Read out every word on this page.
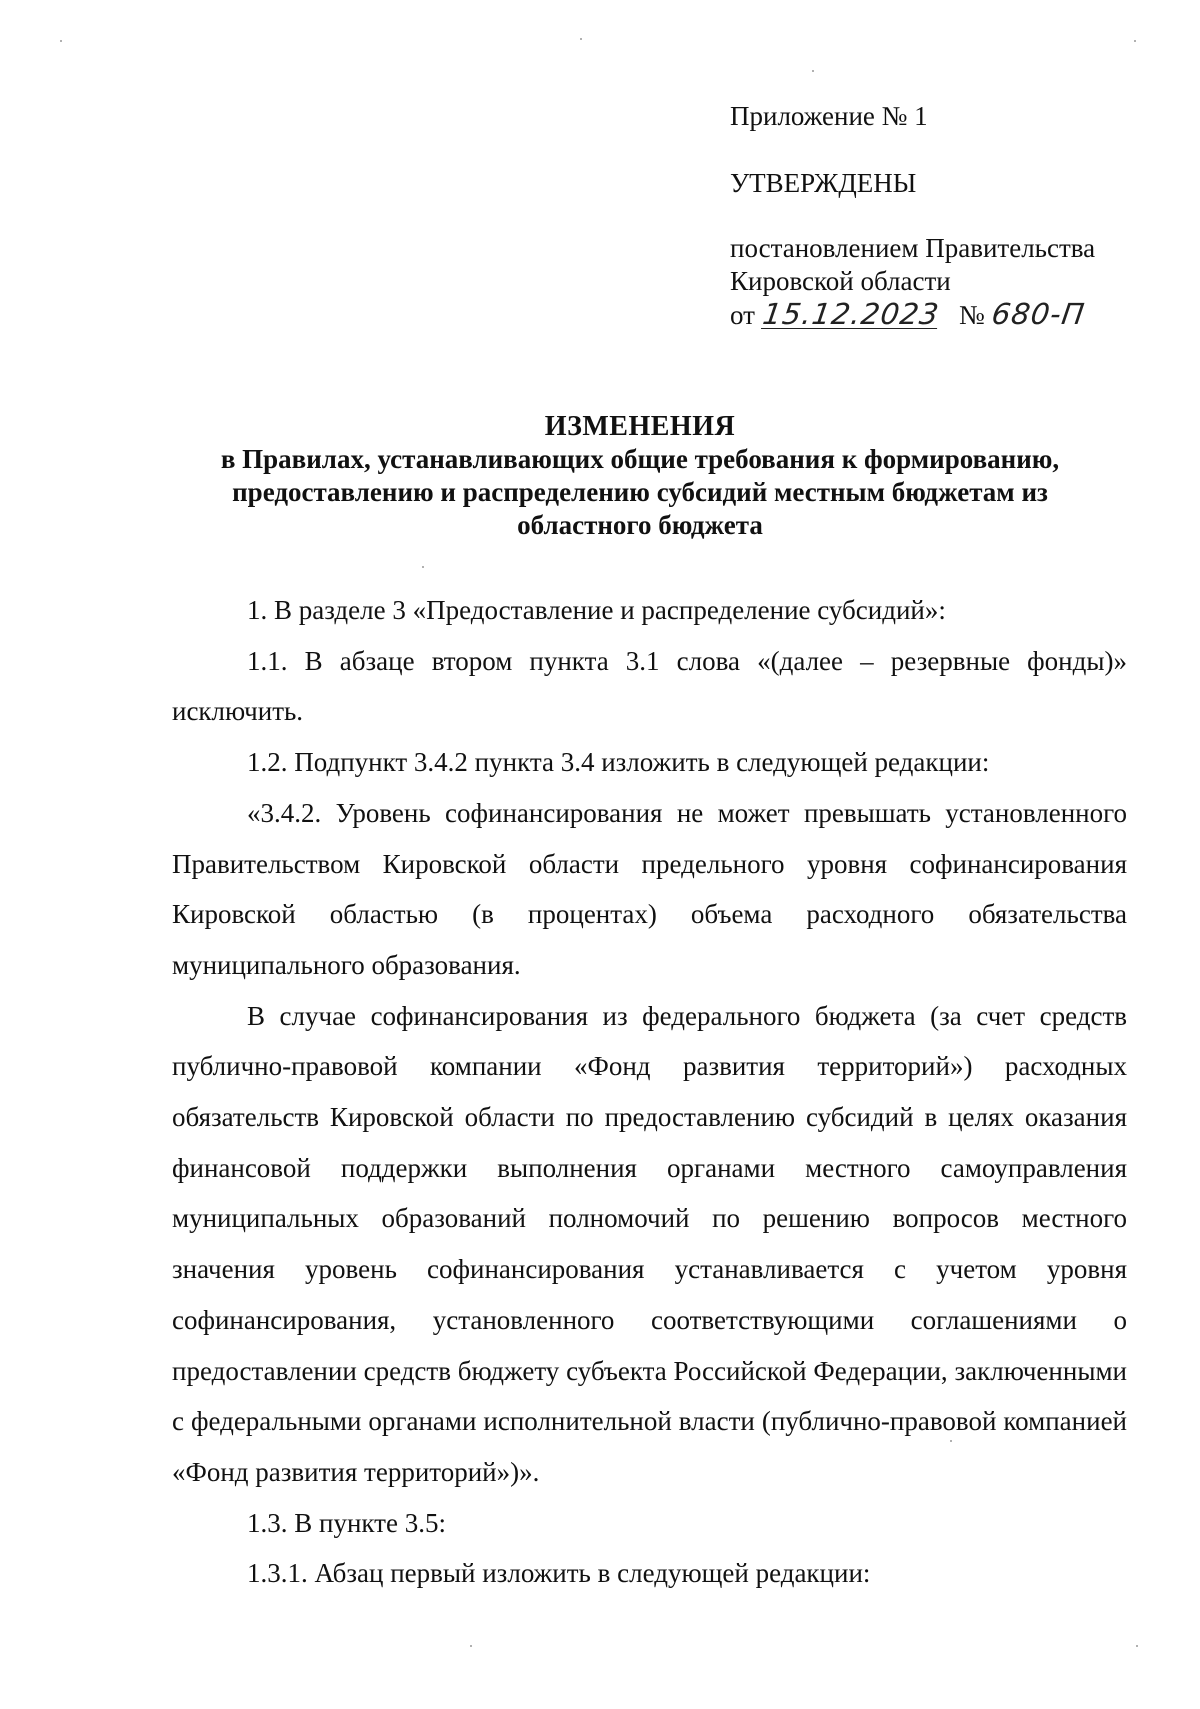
Приложение № 1
УТВЕРЖДЕНЫ
постановлением Правительства
Кировской области
от 15.12.2023 № 680-П
ИЗМЕНЕНИЯ
в Правилах, устанавливающих общие требования к формированию,
предоставлению и распределению субсидий местным бюджетам из
областного бюджета

1. В разделе 3 «Предоставление и распределение субсидий»:

1.1. В абзаце втором пункта 3.1 слова «(далее – резервные фонды)» исключить.

1.2. Подпункт 3.4.2 пункта 3.4 изложить в следующей редакции:

«3.4.2. Уровень софинансирования не может превышать установленного Правительством Кировской области предельного уровня софинансирования Кировской областью (в процентах) объема расходного обязательства муниципального образования.

В случае софинансирования из федерального бюджета (за счет средств публично-правовой компании «Фонд развития территорий») расходных обязательств Кировской области по предоставлению субсидий в целях оказания финансовой поддержки выполнения органами местного самоуправления муниципальных образований полномочий по решению вопросов местного значения уровень софинансирования устанавливается с учетом уровня софинансирования, установленного соответствующими соглашениями о предоставлении средств бюджету субъекта Российской Федерации, заключенными с федеральными органами исполнительной власти (публично-правовой компанией «Фонд развития территорий»)».

1.3. В пункте 3.5:

1.3.1. Абзац первый изложить в следующей редакции:
